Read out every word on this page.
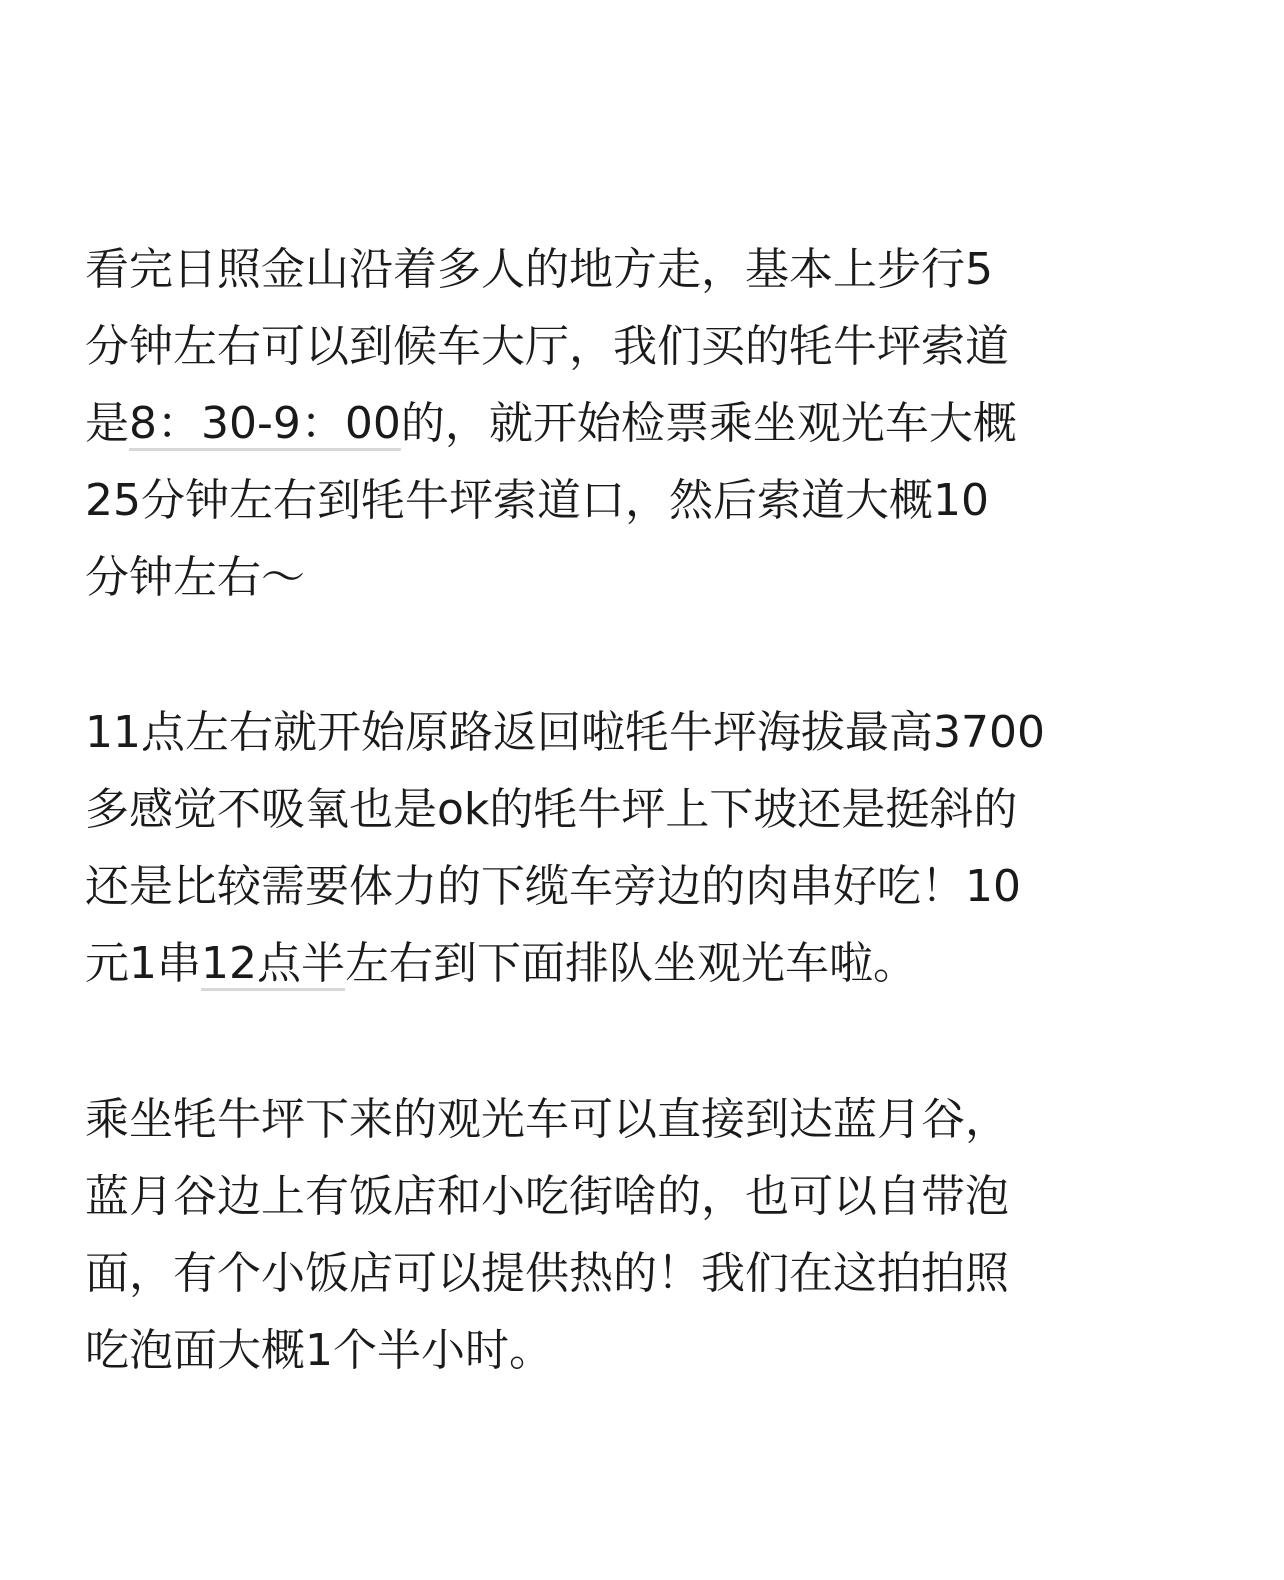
看完日照金山沿着多人的地方走，基本上步行5
分钟左右可以到候车大厅，我们买的牦牛坪索道
是8：30-9：00的，就开始检票乘坐观光车大概
25分钟左右到牦牛坪索道口，然后索道大概10
分钟左右～
11点左右就开始原路返回啦牦牛坪海拔最高3700
多感觉不吸氧也是ok的牦牛坪上下坡还是挺斜的
还是比较需要体力的下缆车旁边的肉串好吃！10
元1串12点半左右到下面排队坐观光车啦。
乘坐牦牛坪下来的观光车可以直接到达蓝月谷，
蓝月谷边上有饭店和小吃街啥的，也可以自带泡
面，有个小饭店可以提供热的！我们在这拍拍照
吃泡面大概1个半小时。
